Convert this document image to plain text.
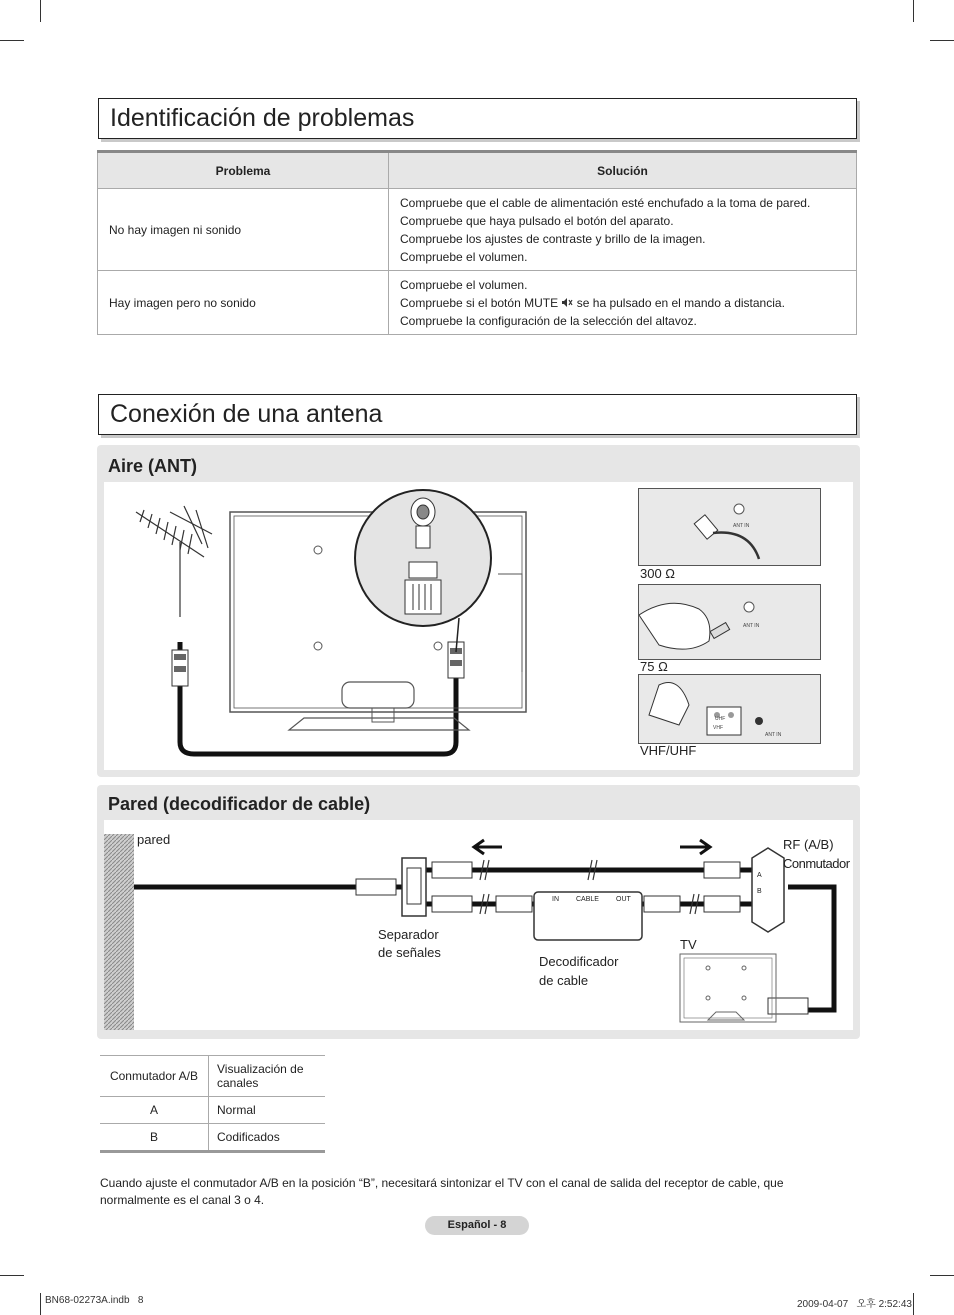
Identificación de problemas
Problema	Solución
No hay imagen ni sonido	Compruebe que el cable de alimentación esté enchufado a la toma de pared.
Compruebe que haya pulsado el botón del aparato.
Compruebe los ajustes de contraste y brillo de la imagen.
Compruebe el volumen.

Hay imagen pero no sonido	Compruebe el volumen.
Compruebe si el botón MUTE se ha pulsado en el mando a distancia.
Compruebe la configuración de la selección del altavoz.
Conexión de una antena
Aire (ANT)
ANT IN
300 Ω
ANT IN
75 Ω
UHF
VHF
ANT IN
VHF/UHF
Pared (decodificador de cable)
pared	RF (A/B)
Conmutador
Separador
de señales
Decodificador
de cable
TV
IN CABLE OUT
A
B
Conmutador A/B	Visualización de canales
A	Normal
B	Codificados
Cuando ajuste el conmutador A/B en la posición “B”, necesitará sintonizar el TV con el canal de salida del receptor de cable, que normalmente es el canal 3 o 4.
Español - 8
BN68-02273A.indb   8	2009-04-07   오후 2:52:43
